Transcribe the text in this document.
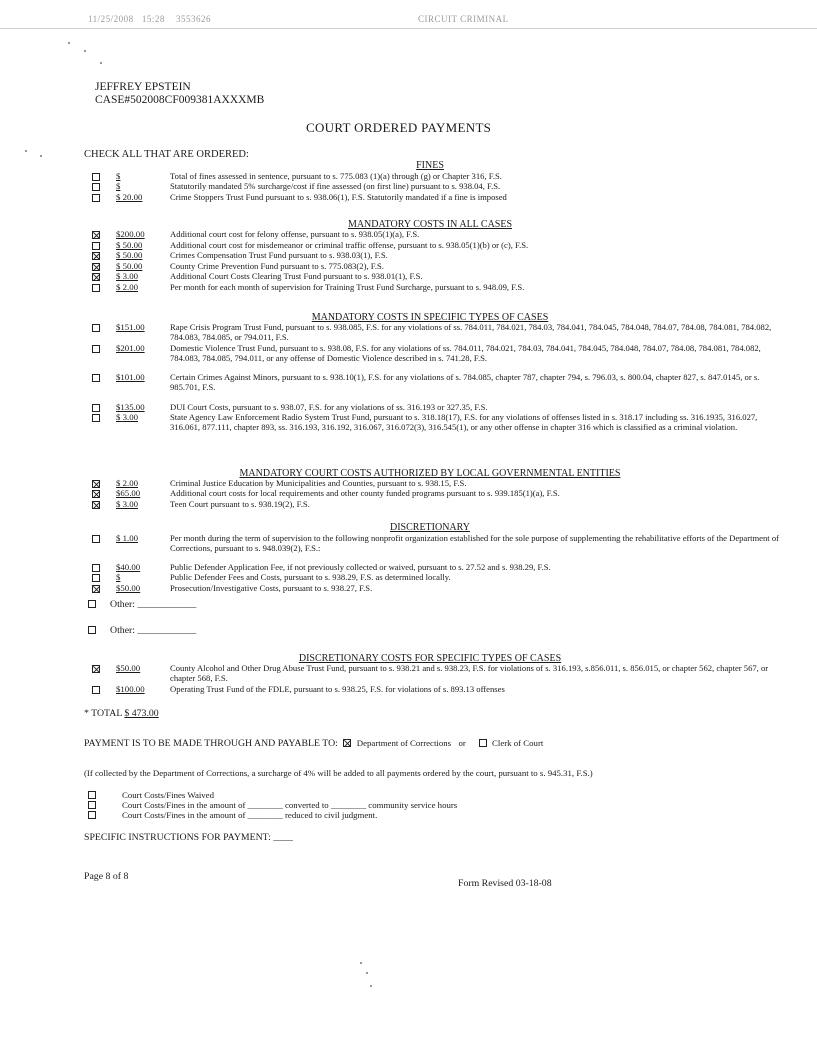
11/25/2008 15:28 3553626	CIRCUIT CRIMINAL
JEFFREY EPSTEIN
CASE#502008CF009381AXXXMB
COURT ORDERED PAYMENTS
CHECK ALL THAT ARE ORDERED:
FINES
$	Total of fines assessed in sentence, pursuant to s. 775.083 (1)(a) through (g) or Chapter 316, F.S.
$	Statutorily mandated 5% surcharge/cost if fine assessed (on first line) pursuant to s. 938.04, F.S.
$ 20.00	Crime Stoppers Trust Fund pursuant to s. 938.06(1), F.S. Statutorily mandated if a fine is imposed
MANDATORY COSTS IN ALL CASES
$200.00	Additional court cost for felony offense, pursuant to s. 938.05(1)(a), F.S.
$ 50.00	Additional court cost for misdemeanor or criminal traffic offense, pursuant to s. 938.05(1)(b) or (c), F.S.
$ 50.00	Crimes Compensation Trust Fund pursuant to s. 938.03(1), F.S.
$ 50.00	County Crime Prevention Fund pursuant to s. 775.083(2), F.S.
$ 3.00	Additional Court Costs Clearing Trust Fund pursuant to s. 938.01(1), F.S.
$ 2.00	Per month for each month of supervision for Training Trust Fund Surcharge, pursuant to s. 948.09, F.S.
MANDATORY COSTS IN SPECIFIC TYPES OF CASES
$151.00	Rape Crisis Program Trust Fund, pursuant to s. 938.085, F.S. for any violations of ss. 784.011, 784.021, 784.03, 784.041, 784.045, 784.048, 784.07, 784.08, 784.081, 784.082, 784.083, 784.085, or 794.011, F.S.
$201.00	Domestic Violence Trust Fund, pursuant to s. 938.08, F.S. for any violations of ss. 784.011, 784.021, 784.03, 784.041, 784.045, 784.048, 784.07, 784.08, 784.081, 784.082, 784.083, 784.085, 794.011, or any offense of Domestic Violence described in s. 741.28, F.S.
$101.00	Certain Crimes Against Minors, pursuant to s. 938.10(1), F.S. for any violations of s. 784.085, chapter 787, chapter 794, s. 796.03, s. 800.04, chapter 827, s. 847.0145, or s. 985.701, F.S.
$135.00	DUI Court Costs, pursuant to s. 938.07, F.S. for any violations of ss. 316.193 or 327.35, F.S.
$ 3.00	State Agency Law Enforcement Radio System Trust Fund, pursuant to s. 318.18(17), F.S. for any violations of offenses listed in s. 318.17 including ss. 316.1935, 316.027, 316.061, 877.111, chapter 893, ss. 316.193, 316.192, 316.067, 316.072(3), 316.545(1), or any other offense in chapter 316 which is classified as a criminal violation.
MANDATORY COURT COSTS AUTHORIZED BY LOCAL GOVERNMENTAL ENTITIES
$ 2.00	Criminal Justice Education by Municipalities and Counties, pursuant to s. 938.15, F.S.
$65.00	Additional court costs for local requirements and other county funded programs pursuant to s. 939.185(1)(a), F.S.
$ 3.00	Teen Court pursuant to s. 938.19(2), F.S.
DISCRETIONARY
$ 1.00	Per month during the term of supervision to the following nonprofit organization established for the sole purpose of supplementing the rehabilitative efforts of the Department of Corrections, pursuant to s. 948.039(2), F.S.:
$40.00	Public Defender Application Fee, if not previously collected or waived, pursuant to s. 27.52 and s. 938.29, F.S.
$	Public Defender Fees and Costs, pursuant to s. 938.29, F.S. as determined locally.
$50.00	Prosecution/Investigative Costs, pursuant to s. 938.27, F.S.
DISCRETIONARY COSTS FOR SPECIFIC TYPES OF CASES
$50.00	County Alcohol and Other Drug Abuse Trust Fund, pursuant to s. 938.21 and s. 938.23, F.S. for violations of s. 316.193, s.856.011, s. 856.015, or chapter 562, chapter 567, or chapter 568, F.S.
$100.00	Operating Trust Fund of the FDLE, pursuant to s. 938.25, F.S. for violations of s. 893.13 offenses
Other: ____________
Other: ____________
* TOTAL $ 473.00
PAYMENT IS TO BE MADE THROUGH AND PAYABLE TO: Department of Corrections or	Clerk of Court
(If collected by the Department of Corrections, a surcharge of 4% will be added to all payments ordered by the court, pursuant to s. 945.31, F.S.)
Court Costs/Fines Waived
Court Costs/Fines in the amount of ________ converted to ________ community service hours
Court Costs/Fines in the amount of ________ reduced to civil judgment.
SPECIFIC INSTRUCTIONS FOR PAYMENT: ____
Page 8 of 8
Form Revised 03-18-08
